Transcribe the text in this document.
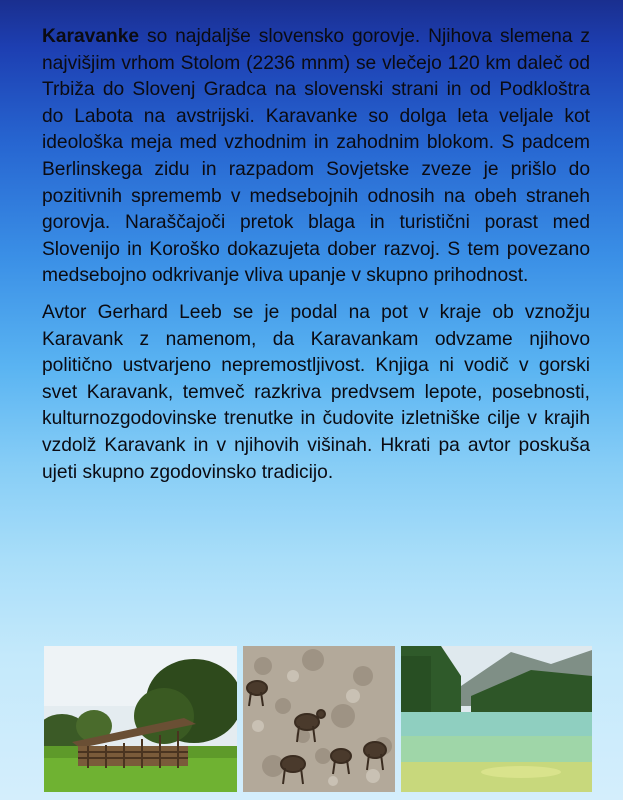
Karavanke so najdaljše slovensko gorovje. Njihova slemena z najvišjim vrhom Stolom (2236 mnm) se vlečejo 120 km daleč od Trbiža do Slovenj Gradca na slovenski strani in od Podkloštra do Labota na avstrijski. Karavanke so dolga leta veljale kot ideološka meja med vzhodnim in zahodnim blokom. S padcem Berlinskega zidu in razpadom Sovjetske zveze je prišlo do pozitivnih sprememb v medsebojnih odnosih na obeh straneh gorovja. Naraščajoči pretok blaga in turistični porast med Slovenijo in Koroško dokazujeta dober razvoj. S tem povezano medsebojno odkrivanje vliva upanje v skupno prihodnost.

Avtor Gerhard Leeb se je podal na pot v kraje ob vznožju Karavank z namenom, da Karavankam odvzame njihovo politično ustvarjeno nepremostljivost. Knjiga ni vodič v gorski svet Karavank, temveč razkriva predvsem lepote, posebnosti, kulturnozgodovinske trenutke in čudovite izletniške cilje v krajih vzdolž Karavank in v njihovih višinah. Hkrati pa avtor poskuša ujeti skupno zgodovinsko tradicijo.
